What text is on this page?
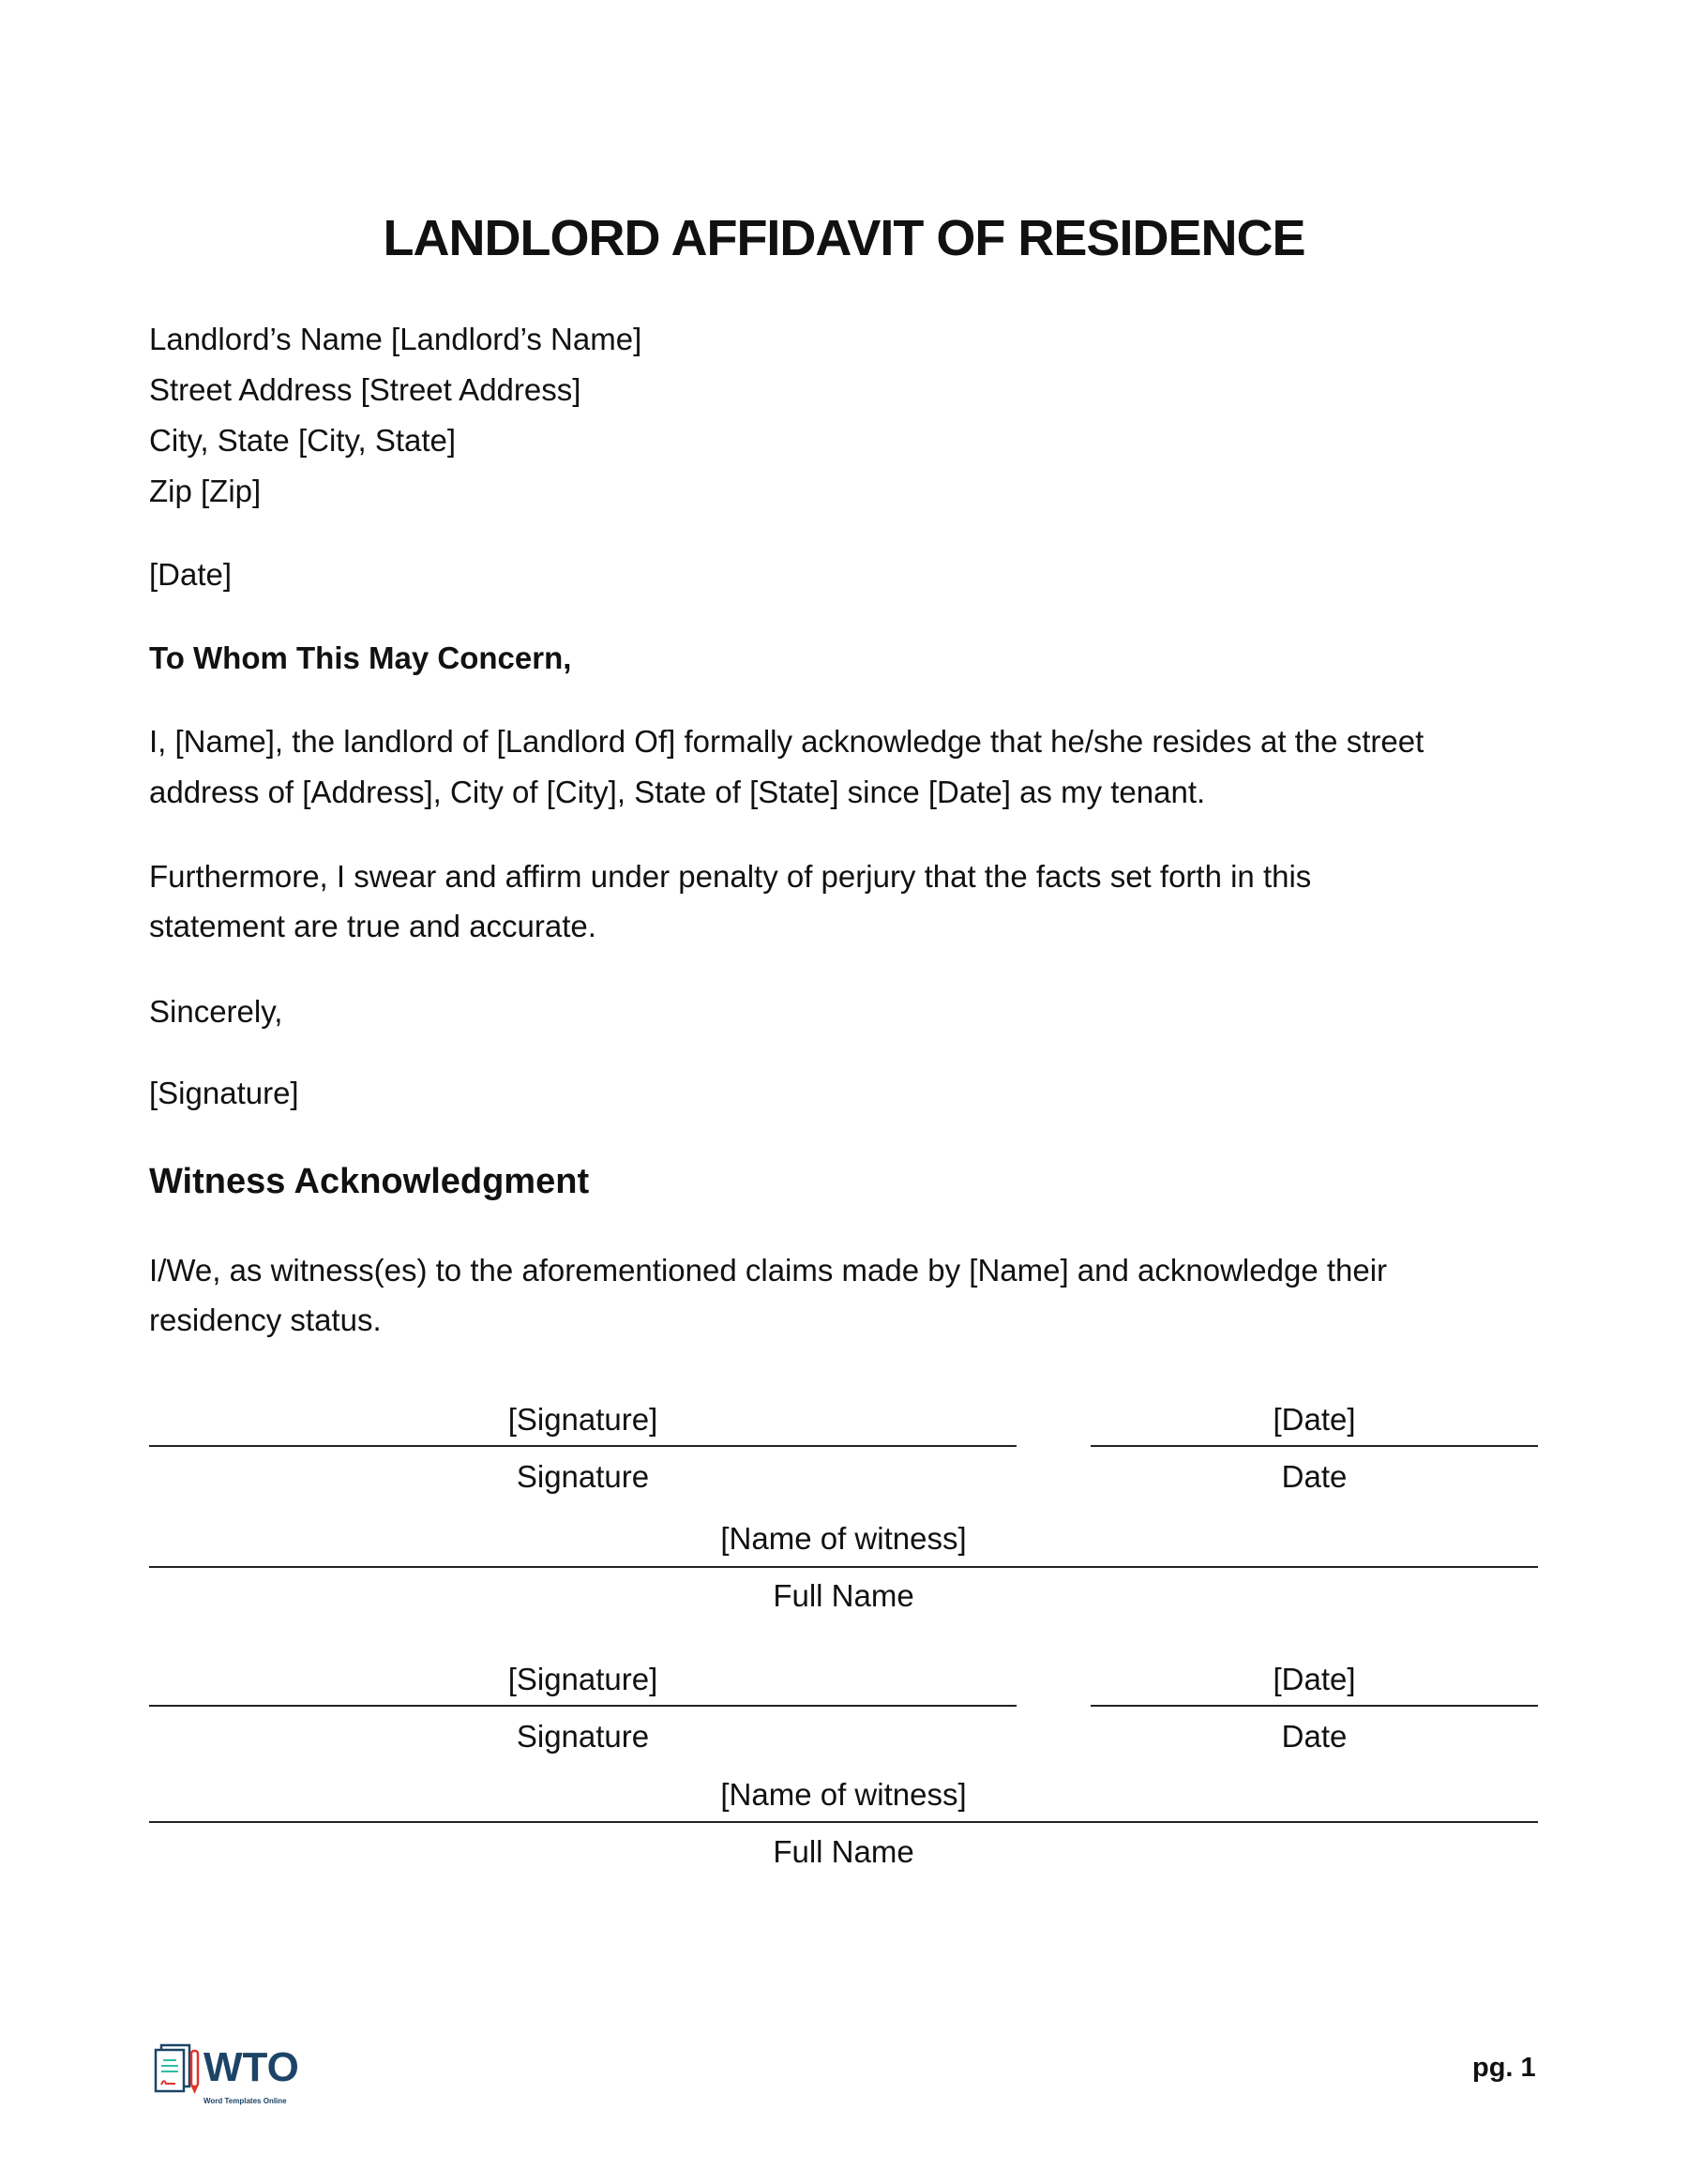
LANDLORD AFFIDAVIT OF RESIDENCE
Landlord’s Name [Landlord’s Name]
Street Address [Street Address]
City, State [City, State]
Zip [Zip]
[Date]
To Whom This May Concern,
I, [Name], the landlord of [Landlord Of] formally acknowledge that he/she resides at the street
address of [Address], City of [City], State of [State] since [Date] as my tenant.
Furthermore, I swear and affirm under penalty of perjury that the facts set forth in this
statement are true and accurate.
Sincerely,
[Signature]
Witness Acknowledgment
I/We, as witness(es) to the aforementioned claims made by [Name] and acknowledge their
residency status.
[Signature]
Signature
[Date]
Date
[Name of witness]
Full Name
[Signature]
Signature
[Date]
Date
[Name of witness]
Full Name
WTO
Word Templates Online
pg. 1
